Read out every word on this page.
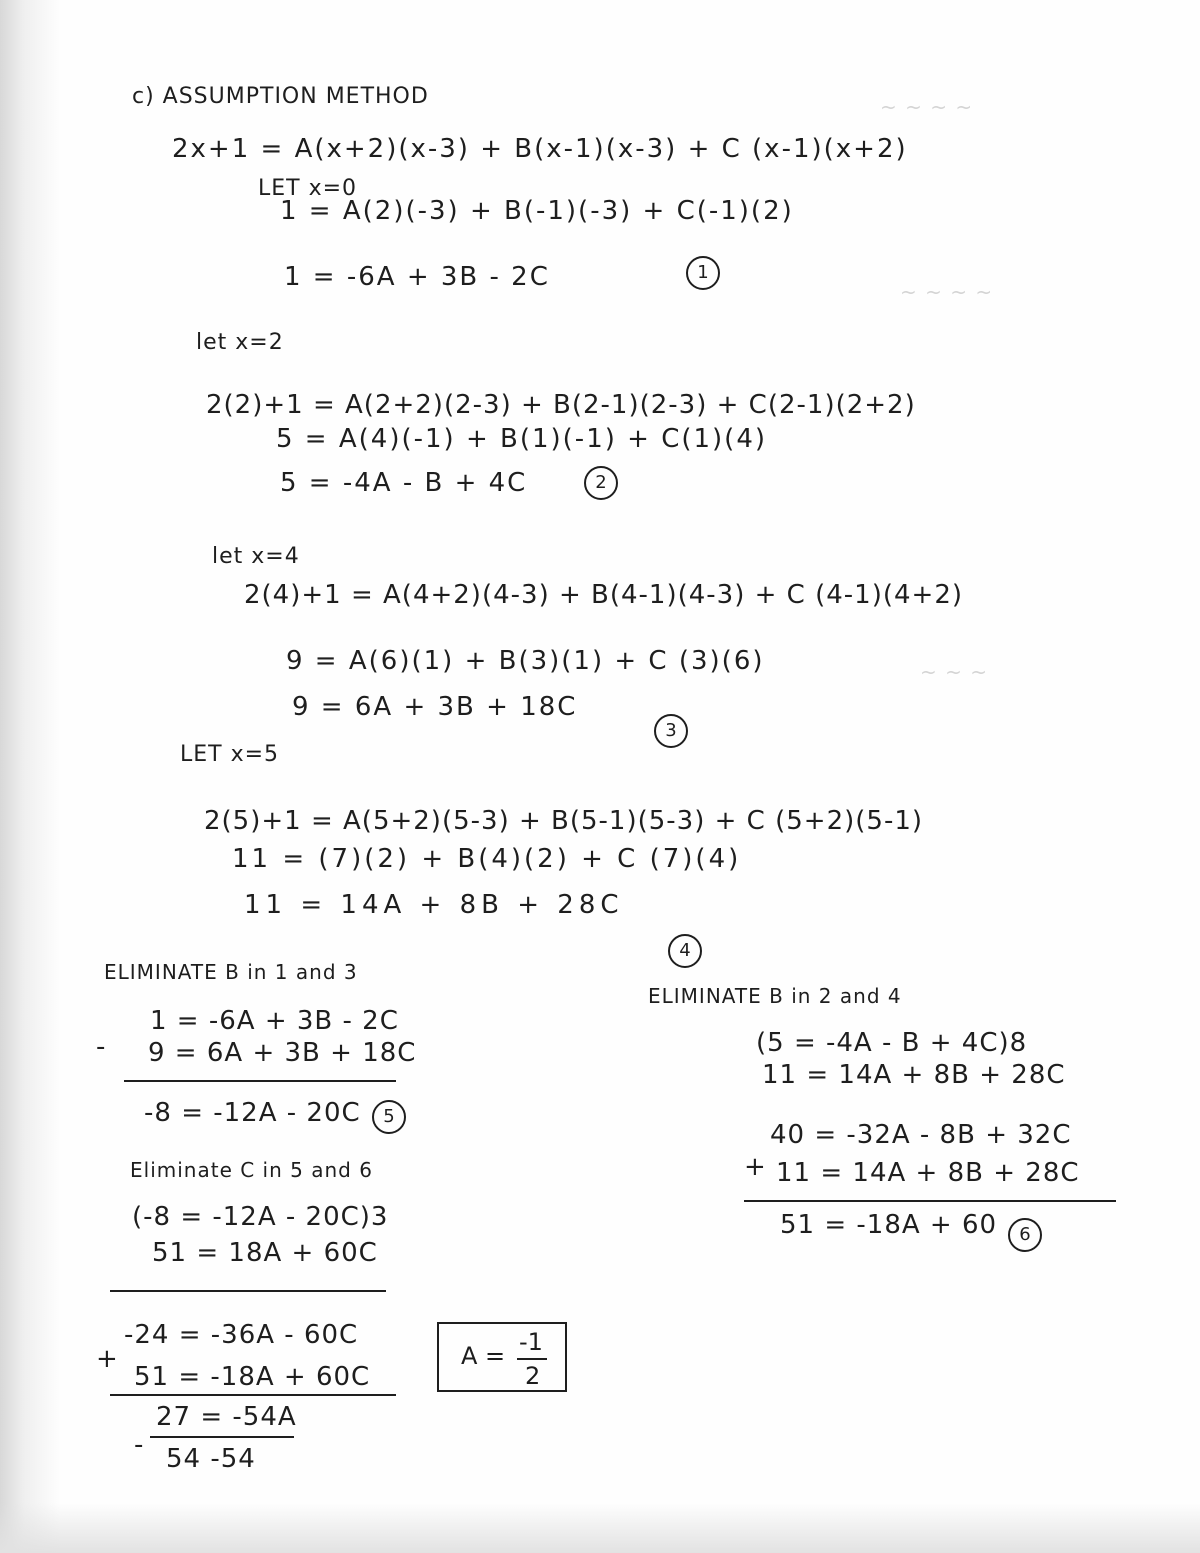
~ ~ ~ ~
~ ~ ~ ~
~ ~ ~
c) ASSUMPTION METHOD
2x+1 = A(x+2)(x-3) + B(x-1)(x-3) + C (x-1)(x+2)
LET x=0
1 = A(2)(-3) + B(-1)(-3) + C(-1)(2)
1 = -6A + 3B - 2C	1
let x=2
2(2)+1 = A(2+2)(2-3) + B(2-1)(2-3) + C(2-1)(2+2)
5 = A(4)(-1) + B(1)(-1) + C(1)(4)
5 = -4A - B + 4C	2
let x=4
2(4)+1 = A(4+2)(4-3) + B(4-1)(4-3) + C (4-1)(4+2)
9 = A(6)(1) + B(3)(1) + C (3)(6)
9 = 6A + 3B + 18C
3
LET x=5
2(5)+1 = A(5+2)(5-3) + B(5-1)(5-3) + C (5+2)(5-1)
11 = (7)(2) + B(4)(2) + C (7)(4)
11 = 14A + 8B + 28C
4
ELIMINATE B in 1 and 3
1 = -6A + 3B - 2C
- 9 = 6A + 3B + 18C
-8 = -12A - 20C	5
Eliminate C in 5 and 6
(-8 = -12A - 20C)3
51 = 18A + 60C
-24 = -36A - 60C
+
51 = -18A + 60C
27 = -54A
- 54 -54
A = -1
2
ELIMINATE B in 2 and 4
(5 = -4A - B + 4C)8
11 = 14A + 8B + 28C
40 = -32A - 8B + 32C
+ 11 = 14A + 8B + 28C
51 = -18A + 60	6
